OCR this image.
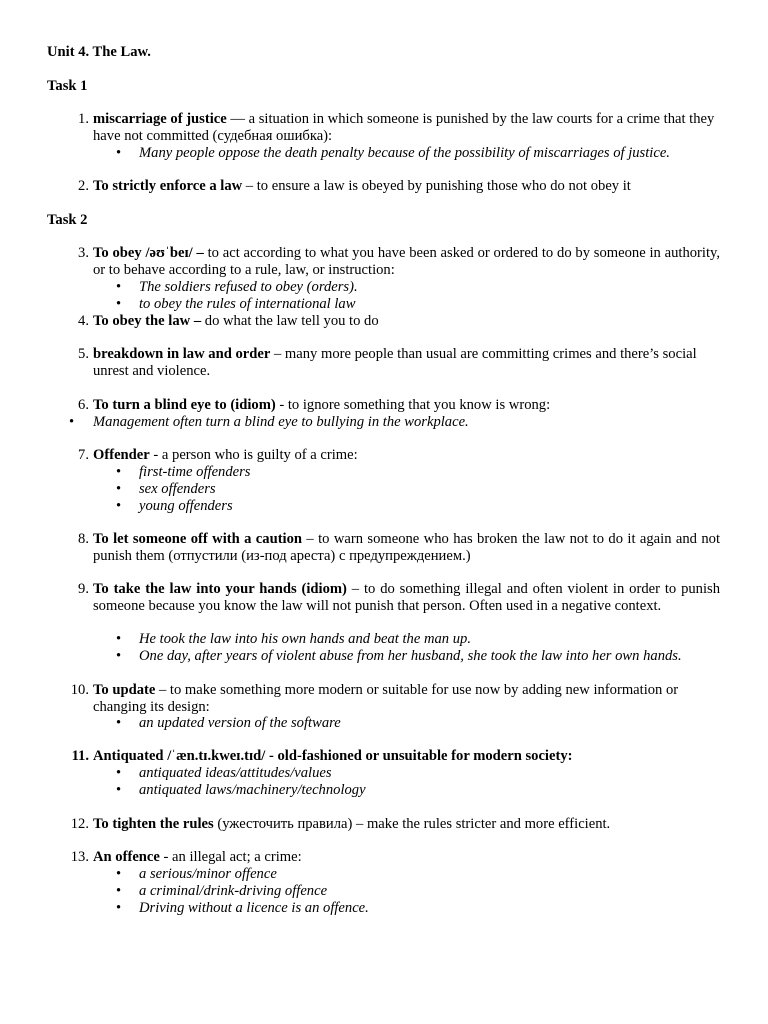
Unit 4. The Law.
Task 1
1. miscarriage of justice — a situation in which someone is punished by the law courts for a crime that they have not committed (судебная ошибка):
• Many people oppose the death penalty because of the possibility of miscarriages of justice.
2. To strictly enforce a law – to ensure a law is obeyed by punishing those who do not obey it
Task 2
3. To obey /əʊˈbeɪ/ – to act according to what you have been asked or ordered to do by someone in authority, or to behave according to a rule, law, or instruction:
• The soldiers refused to obey (orders).
• to obey the rules of international law
4. To obey the law – do what the law tell you to do
5. breakdown in law and order – many more people than usual are committing crimes and there’s social unrest and violence.
6. To turn a blind eye to (idiom) - to ignore something that you know is wrong:
• Management often turn a blind eye to bullying in the workplace.
7. Offender - a person who is guilty of a crime:
• first-time offenders
• sex offenders
• young offenders
8. To let someone off with a caution – to warn someone who has broken the law not to do it again and not punish them (отпустили (из-под ареста) с предупреждением.)
9. To take the law into your hands (idiom) – to do something illegal and often violent in order to punish someone because you know the law will not punish that person. Often used in a negative context.
• He took the law into his own hands and beat the man up.
• One day, after years of violent abuse from her husband, she took the law into her own hands.
10. To update – to make something more modern or suitable for use now by adding new information or changing its design:
• an updated version of the software
11. Antiquated /ˈæn.tɪ.kweɪ.tɪd/ - old-fashioned or unsuitable for modern society:
• antiquated ideas/attitudes/values
• antiquated laws/machinery/technology
12. To tighten the rules (ужесточить правила) – make the rules stricter and more efficient.
13. An offence - an illegal act; a crime:
• a serious/minor offence
• a criminal/drink-driving offence
• Driving without a licence is an offence.
